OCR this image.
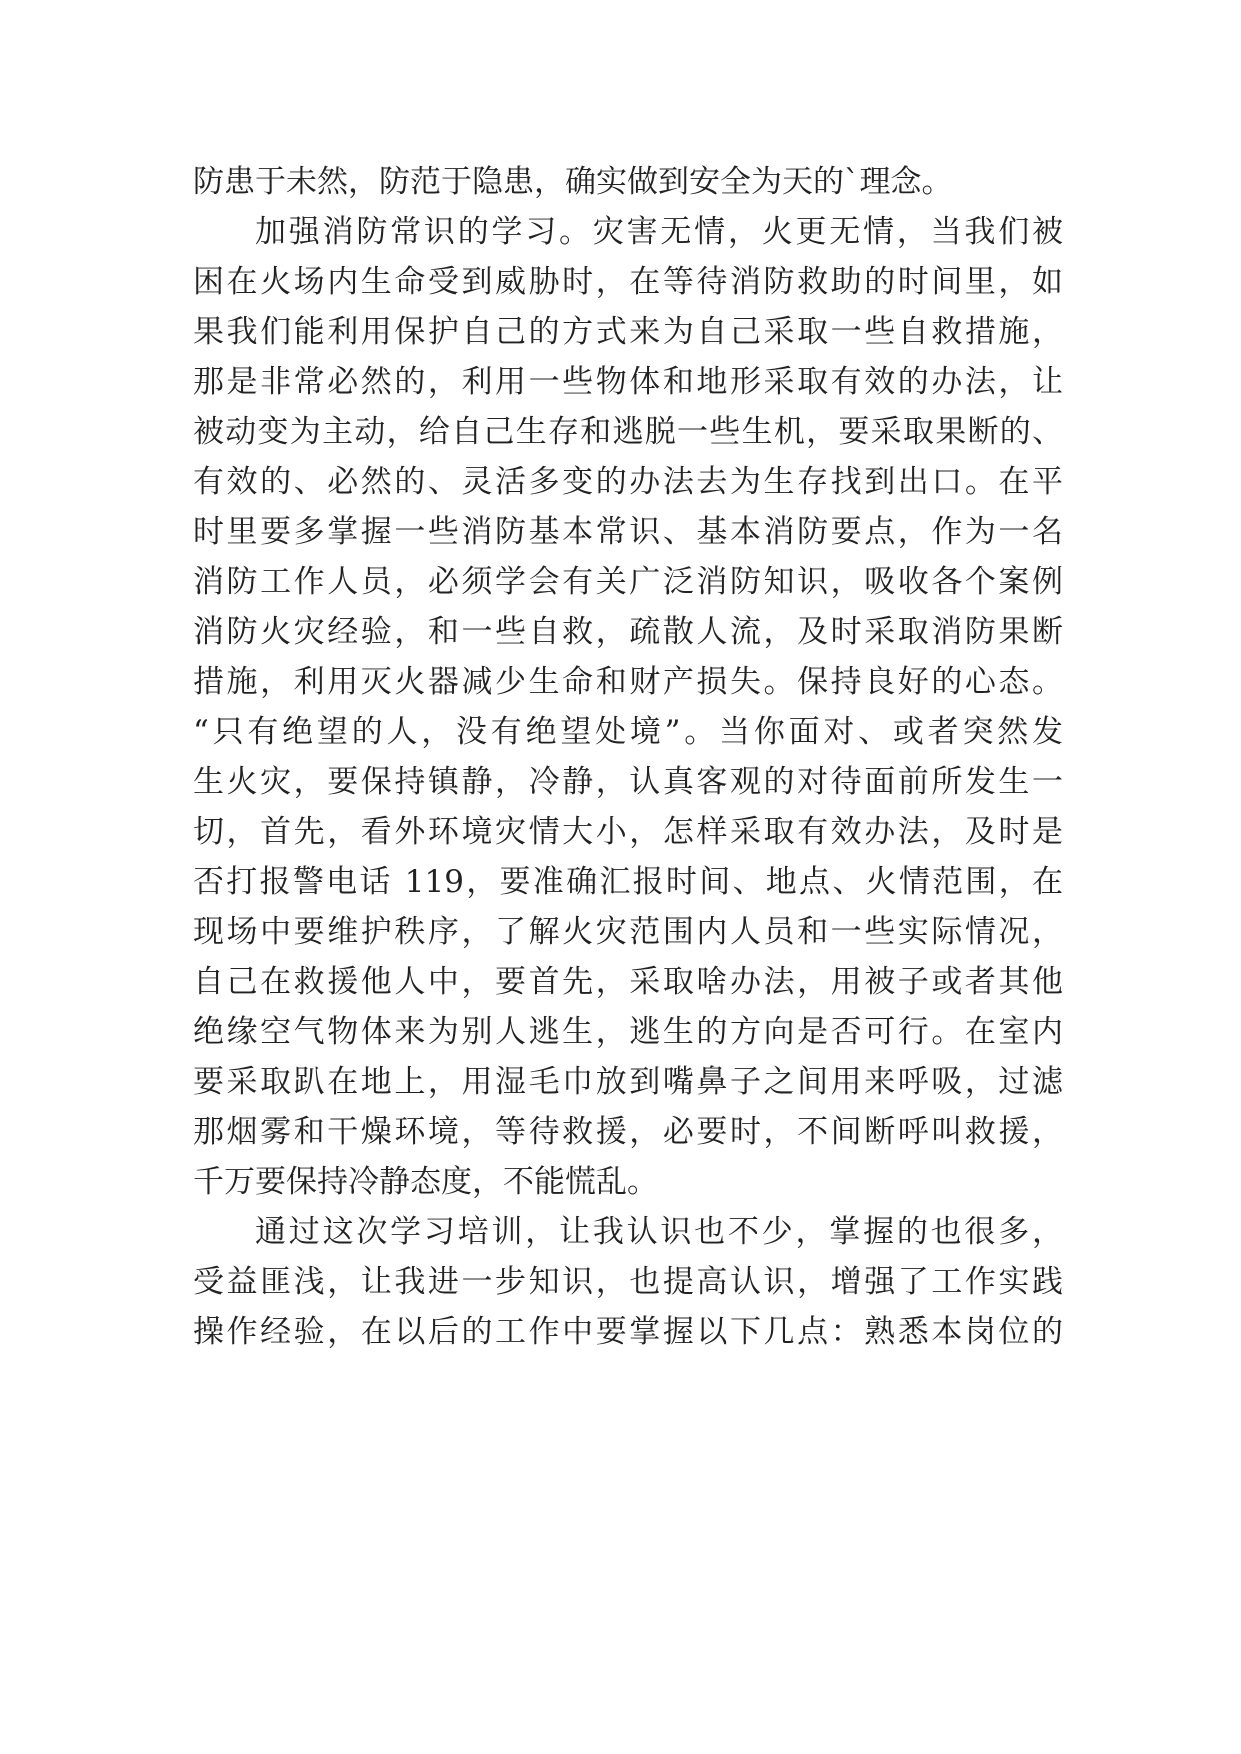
防患于未然，防范于隐患，确实做到安全为天的`理念。
加强消防常识的学习。灾害无情，火更无情，当我们被
困在火场内生命受到威胁时，在等待消防救助的时间里，如
果我们能利用保护自己的方式来为自己采取一些自救措施，
那是非常必然的，利用一些物体和地形采取有效的办法，让
被动变为主动，给自己生存和逃脱一些生机，要采取果断的、
有效的、必然的、灵活多变的办法去为生存找到出口。在平
时里要多掌握一些消防基本常识、基本消防要点，作为一名
消防工作人员，必须学会有关广泛消防知识，吸收各个案例
消防火灾经验，和一些自救，疏散人流，及时采取消防果断
措施，利用灭火器减少生命和财产损失。保持良好的心态。
“只有绝望的人，没有绝望处境”。当你面对、或者突然发
生火灾，要保持镇静，冷静，认真客观的对待面前所发生一
切，首先，看外环境灾情大小，怎样采取有效办法，及时是
否打报警电话 119，要准确汇报时间、地点、火情范围，在
现场中要维护秩序，了解火灾范围内人员和一些实际情况，
自己在救援他人中，要首先，采取啥办法，用被子或者其他
绝缘空气物体来为别人逃生，逃生的方向是否可行。在室内
要采取趴在地上，用湿毛巾放到嘴鼻子之间用来呼吸，过滤
那烟雾和干燥环境，等待救援，必要时，不间断呼叫救援，
千万要保持冷静态度，不能慌乱。
通过这次学习培训，让我认识也不少，掌握的也很多，
受益匪浅，让我进一步知识，也提高认识，增强了工作实践
操作经验，在以后的工作中要掌握以下几点：熟悉本岗位的
